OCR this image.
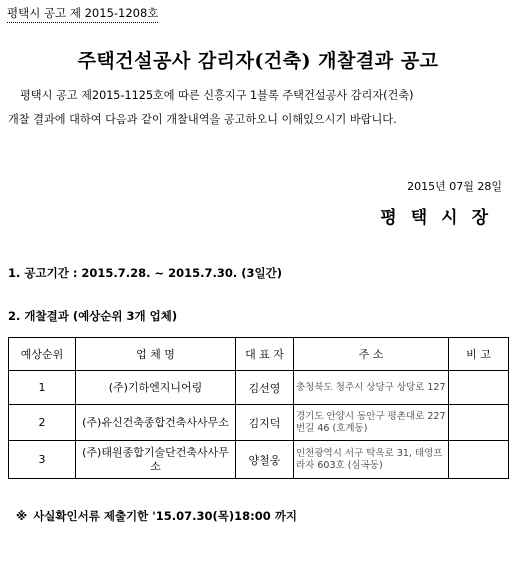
평택시 공고 제 2015-1208호
주택건설공사 감리자(건축) 개찰결과 공고
평택시 공고 제2015-1125호에 따른 신흥지구 1블록 주택건설공사 감리자(건축)
개찰 결과에 대하여 다음과 같이 개찰내역을 공고하오니 이해있으시기 바랍니다.
2015년 07월 28일
평택시장
1. 공고기간 : 2015.7.28. ~ 2015.7.30. (3일간)
2. 개찰결과 (예상순위 3개 업체)
예상순위	업 체 명	대 표 자	주 소	비 고
1	(주)기하엔지니어링	김선영	충청북도 청주시 상당구 상당로 127	
2	(주)유신건축종합건축사사무소	김지덕	경기도 안양시 동안구 평촌대로 227번길 46 (호계동)	
3	(주)태원종합기술단건축사사무소	양철웅	인천광역시 서구 탁옥로 31, 태영프라자 603호 (심곡동)	
※ 사실확인서류 제출기한 '15.07.30(목)18:00 까지
